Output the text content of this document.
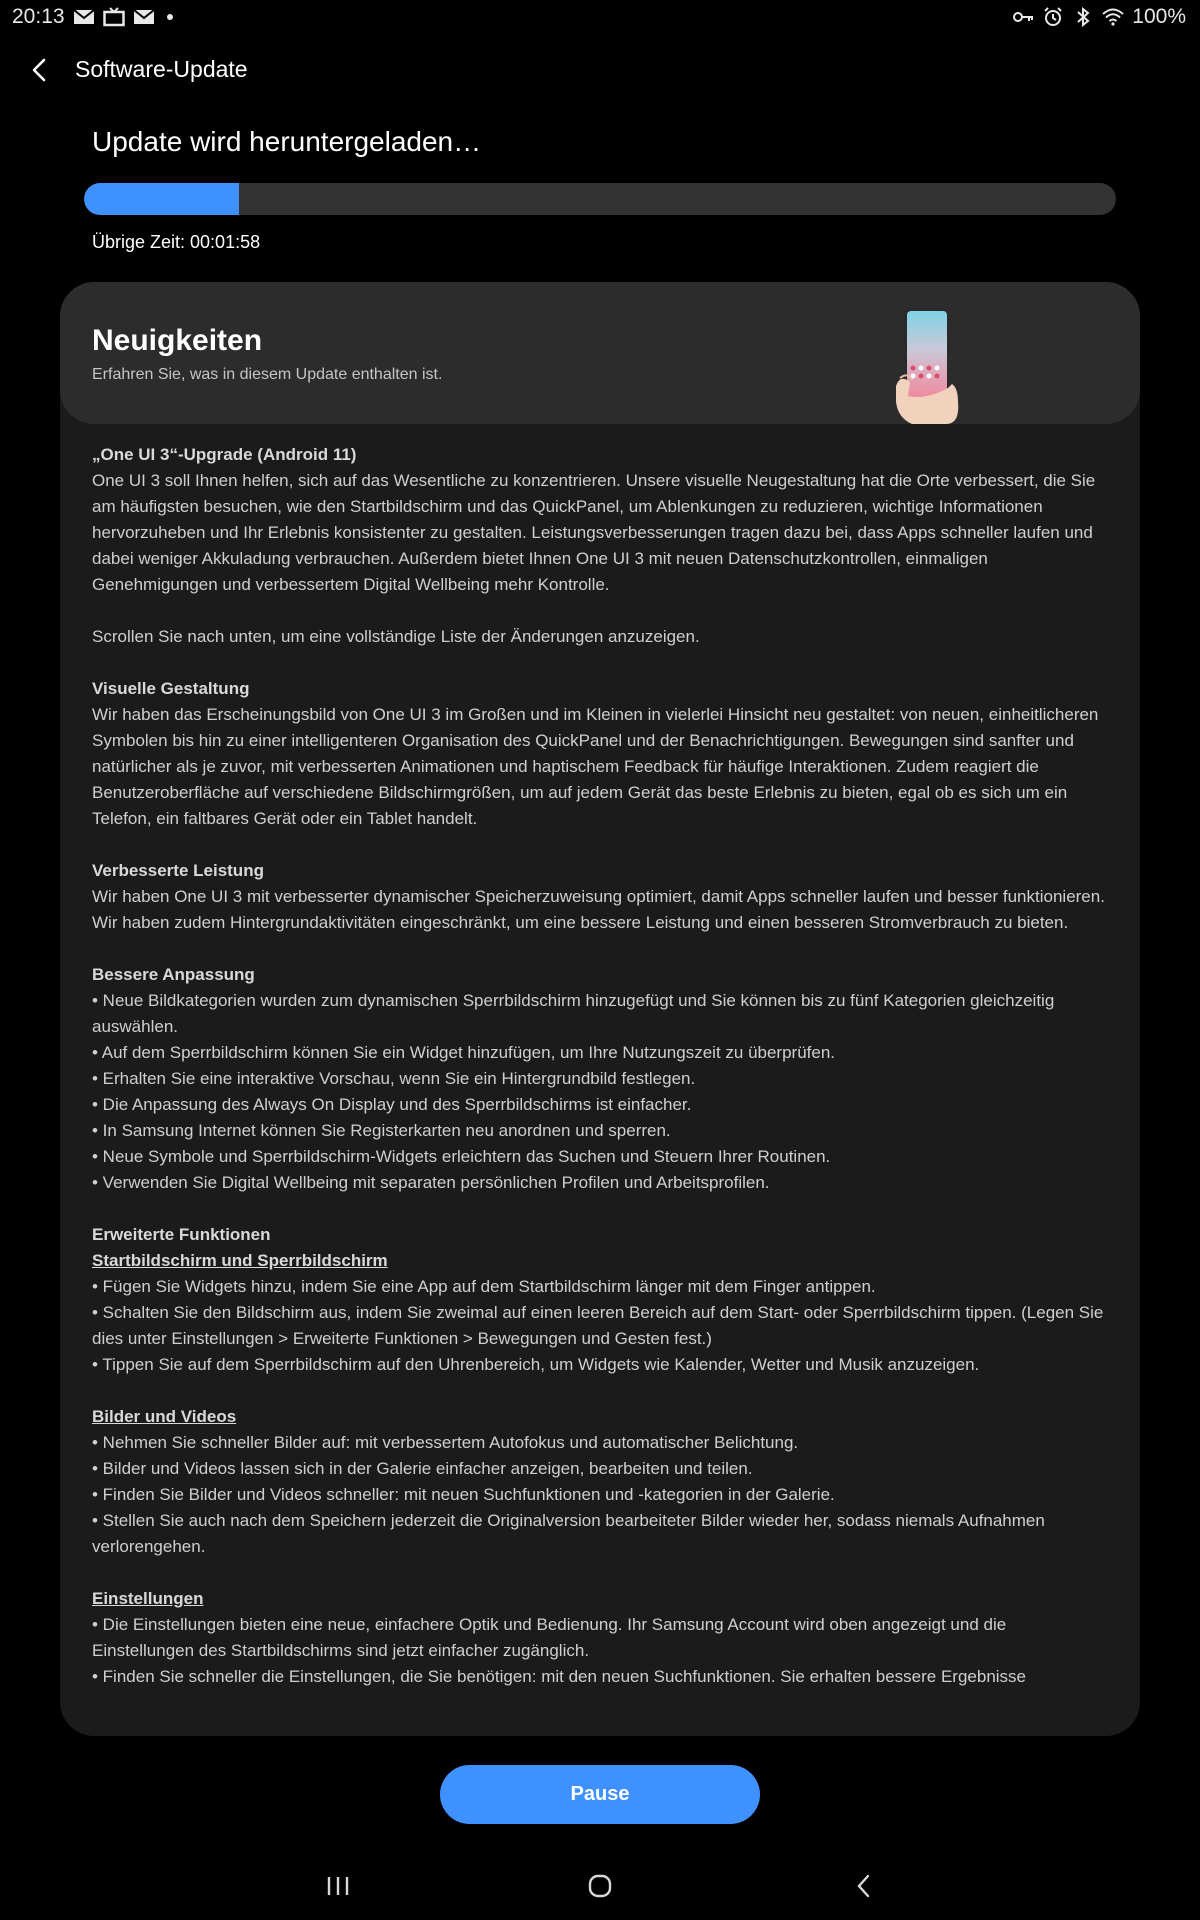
20:13	100%
Software-Update
Update wird heruntergeladen…
Übrige Zeit: 00:01:58
Neuigkeiten
Erfahren Sie, was in diesem Update enthalten ist.
„One UI 3“-Upgrade (Android 11)
One UI 3 soll Ihnen helfen, sich auf das Wesentliche zu konzentrieren. Unsere visuelle Neugestaltung hat die Orte verbessert, die Sie am häufigsten besuchen, wie den Startbildschirm und das QuickPanel, um Ablenkungen zu reduzieren, wichtige Informationen hervorzuheben und Ihr Erlebnis konsistenter zu gestalten. Leistungsverbesserungen tragen dazu bei, dass Apps schneller laufen und dabei weniger Akkuladung verbrauchen. Außerdem bietet Ihnen One UI 3 mit neuen Datenschutzkontrollen, einmaligen Genehmigungen und verbessertem Digital Wellbeing mehr Kontrolle.
Scrollen Sie nach unten, um eine vollständige Liste der Änderungen anzuzeigen.
Visuelle Gestaltung
Wir haben das Erscheinungsbild von One UI 3 im Großen und im Kleinen in vielerlei Hinsicht neu gestaltet: von neuen, einheitlicheren Symbolen bis hin zu einer intelligenteren Organisation des QuickPanel und der Benachrichtigungen. Bewegungen sind sanfter und natürlicher als je zuvor, mit verbesserten Animationen und haptischem Feedback für häufige Interaktionen. Zudem reagiert die Benutzeroberfläche auf verschiedene Bildschirmgrößen, um auf jedem Gerät das beste Erlebnis zu bieten, egal ob es sich um ein Telefon, ein faltbares Gerät oder ein Tablet handelt.
Verbesserte Leistung
Wir haben One UI 3 mit verbesserter dynamischer Speicherzuweisung optimiert, damit Apps schneller laufen und besser funktionieren. Wir haben zudem Hintergrundaktivitäten eingeschränkt, um eine bessere Leistung und einen besseren Stromverbrauch zu bieten.
Bessere Anpassung
• Neue Bildkategorien wurden zum dynamischen Sperrbildschirm hinzugefügt und Sie können bis zu fünf Kategorien gleichzeitig auswählen.
• Auf dem Sperrbildschirm können Sie ein Widget hinzufügen, um Ihre Nutzungszeit zu überprüfen.
• Erhalten Sie eine interaktive Vorschau, wenn Sie ein Hintergrundbild festlegen.
• Die Anpassung des Always On Display und des Sperrbildschirms ist einfacher.
• In Samsung Internet können Sie Registerkarten neu anordnen und sperren.
• Neue Symbole und Sperrbildschirm-Widgets erleichtern das Suchen und Steuern Ihrer Routinen.
• Verwenden Sie Digital Wellbeing mit separaten persönlichen Profilen und Arbeitsprofilen.
Erweiterte Funktionen
Startbildschirm und Sperrbildschirm
• Fügen Sie Widgets hinzu, indem Sie eine App auf dem Startbildschirm länger mit dem Finger antippen.
• Schalten Sie den Bildschirm aus, indem Sie zweimal auf einen leeren Bereich auf dem Start- oder Sperrbildschirm tippen. (Legen Sie dies unter Einstellungen > Erweiterte Funktionen > Bewegungen und Gesten fest.)
• Tippen Sie auf dem Sperrbildschirm auf den Uhrenbereich, um Widgets wie Kalender, Wetter und Musik anzuzeigen.
Bilder und Videos
• Nehmen Sie schneller Bilder auf: mit verbessertem Autofokus und automatischer Belichtung.
• Bilder und Videos lassen sich in der Galerie einfacher anzeigen, bearbeiten und teilen.
• Finden Sie Bilder und Videos schneller: mit neuen Suchfunktionen und -kategorien in der Galerie.
• Stellen Sie auch nach dem Speichern jederzeit die Originalversion bearbeiteter Bilder wieder her, sodass niemals Aufnahmen verlorengehen.
Einstellungen
• Die Einstellungen bieten eine neue, einfachere Optik und Bedienung. Ihr Samsung Account wird oben angezeigt und die Einstellungen des Startbildschirms sind jetzt einfacher zugänglich.
• Finden Sie schneller die Einstellungen, die Sie benötigen: mit den neuen Suchfunktionen. Sie erhalten bessere Ergebnisse
Pause
